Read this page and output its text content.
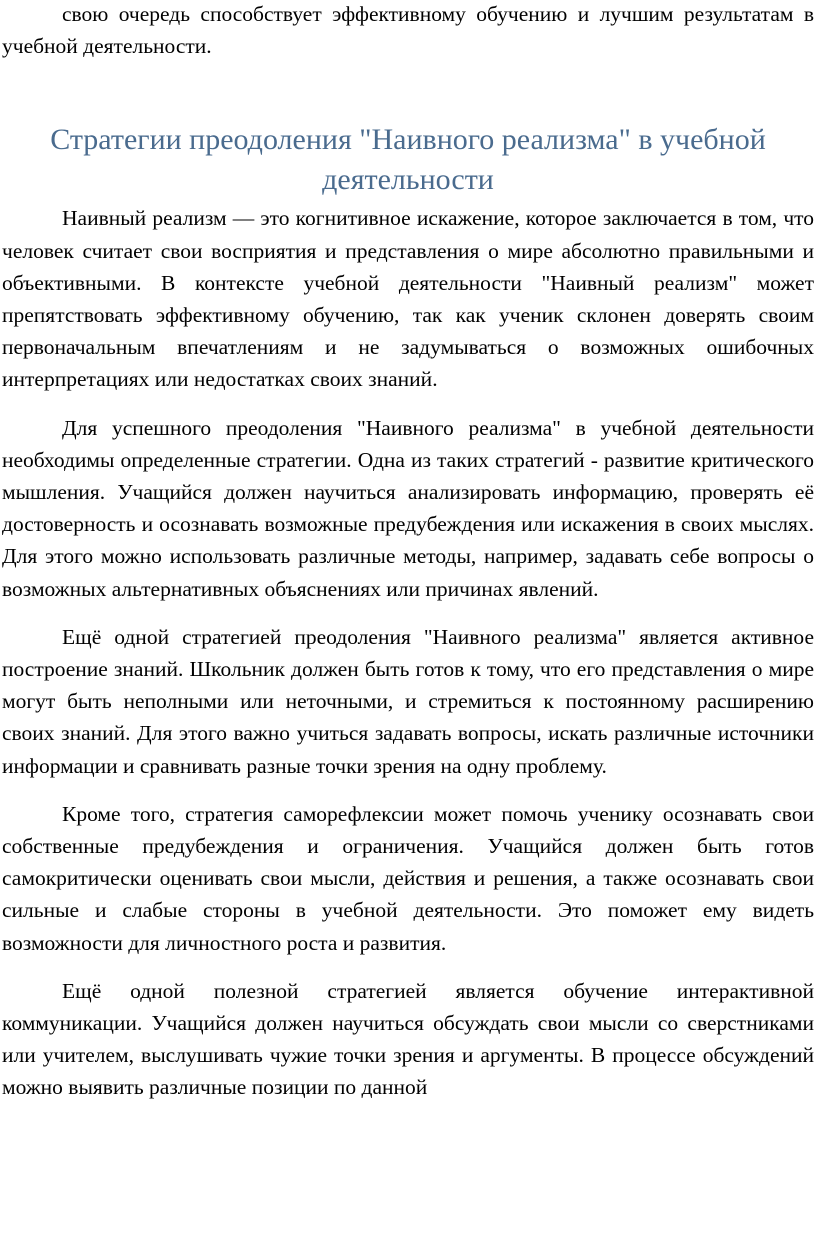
свою очередь способствует эффективному обучению и лучшим результатам в учебной деятельности.

Стратегии преодоления "Наивного реализма" в учебной деятельности

Наивный реализм — это когнитивное искажение, которое заключается в том, что человек считает свои восприятия и представления о мире абсолютно правильными и объективными. В контексте учебной деятельности "Наивный реализм" может препятствовать эффективному обучению, так как ученик склонен доверять своим первоначальным впечатлениям и не задумываться о возможных ошибочных интерпретациях или недостатках своих знаний.

Для успешного преодоления "Наивного реализма" в учебной деятельности необходимы определенные стратегии. Одна из таких стратегий - развитие критического мышления. Учащийся должен научиться анализировать информацию, проверять её достоверность и осознавать возможные предубеждения или искажения в своих мыслях. Для этого можно использовать различные методы, например, задавать себе вопросы о возможных альтернативных объяснениях или причинах явлений.

Ещё одной стратегией преодоления "Наивного реализма" является активное построение знаний. Школьник должен быть готов к тому, что его представления о мире могут быть неполными или неточными, и стремиться к постоянному расширению своих знаний. Для этого важно учиться задавать вопросы, искать различные источники информации и сравнивать разные точки зрения на одну проблему.

Кроме того, стратегия саморефлексии может помочь ученику осознавать свои собственные предубеждения и ограничения. Учащийся должен быть готов самокритически оценивать свои мысли, действия и решения, а также осознавать свои сильные и слабые стороны в учебной деятельности. Это поможет ему видеть возможности для личностного роста и развития.

Ещё одной полезной стратегией является обучение интерактивной коммуникации. Учащийся должен научиться обсуждать свои мысли со сверстниками или учителем, выслушивать чужие точки зрения и аргументы. В процессе обсуждений можно выявить различные позиции по данной
